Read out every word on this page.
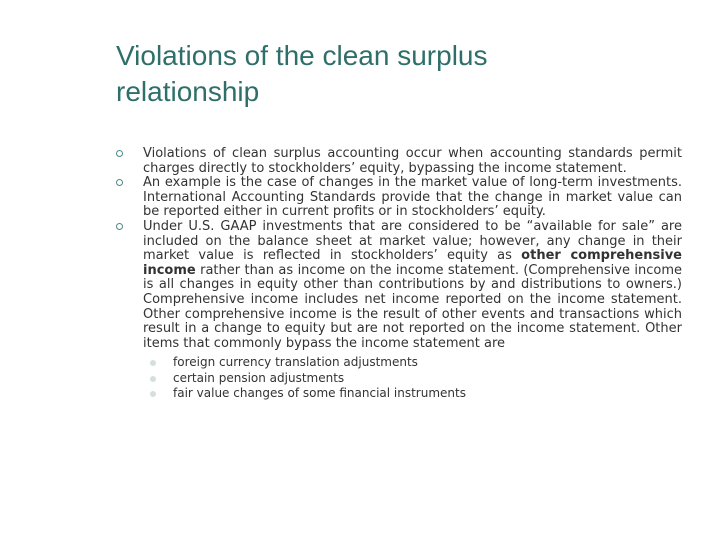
Violations of the clean surplus relationship
Violations of clean surplus accounting occur when accounting standards permit charges directly to stockholders’ equity, bypassing the income statement.
An example is the case of changes in the market value of long-term investments. International Accounting Standards provide that the change in market value can be reported either in current profits or in stockholders’ equity.
Under U.S. GAAP investments that are considered to be “available for sale” are included on the balance sheet at market value; however, any change in their market value is reflected in stockholders’ equity as other comprehensive income rather than as income on the income statement. (Comprehensive income is all changes in equity other than contributions by and distributions to owners.) Comprehensive income includes net income reported on the income statement. Other comprehensive income is the result of other events and transactions which result in a change to equity but are not reported on the income statement. Other items that commonly bypass the income statement are
foreign currency translation adjustments
certain pension adjustments
fair value changes of some financial instruments
